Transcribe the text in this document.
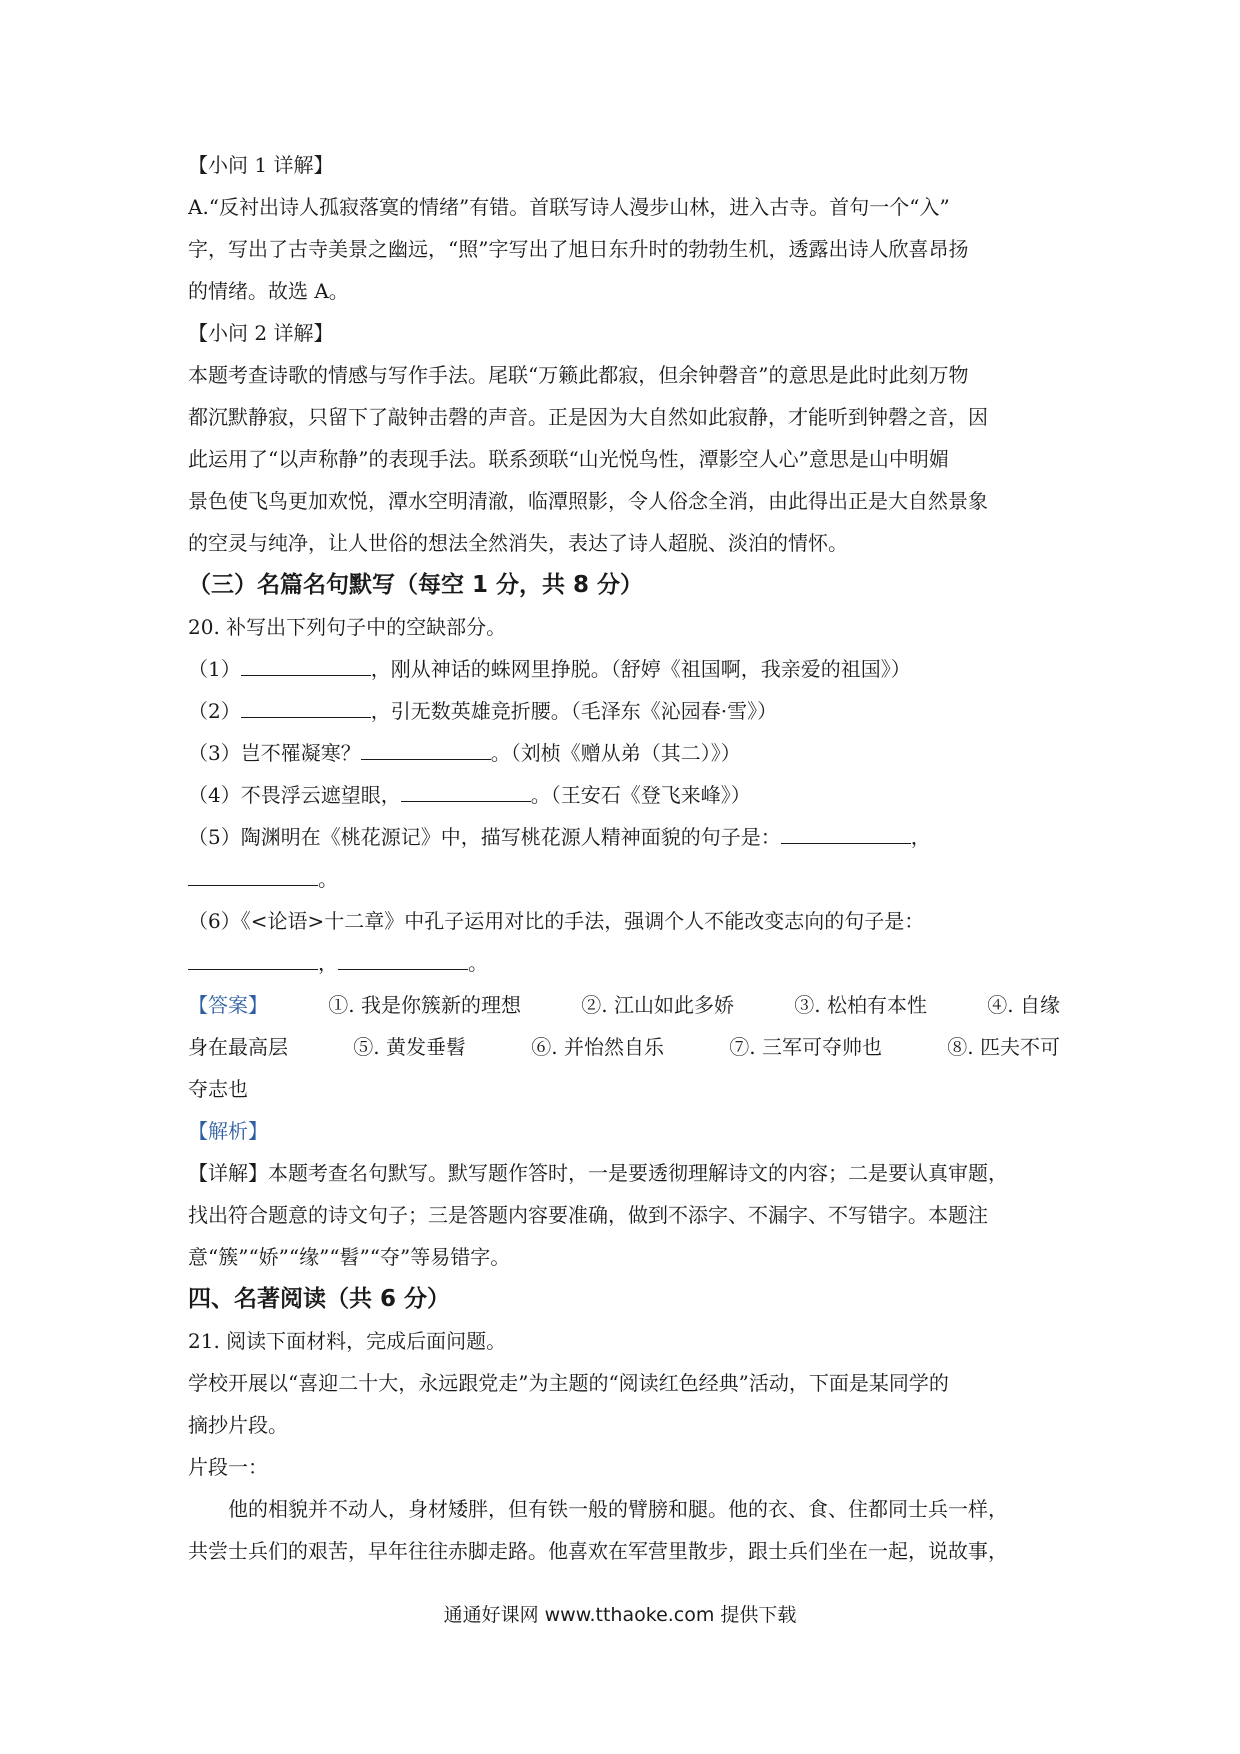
【小问 1 详解】
A.“反衬出诗人孤寂落寞的情绪”有错。首联写诗人漫步山林，进入古寺。首句一个“入”
字，写出了古寺美景之幽远，“照”字写出了旭日东升时的勃勃生机，透露出诗人欣喜昂扬
的情绪。故选 A。
【小问 2 详解】
本题考查诗歌的情感与写作手法。尾联“万籁此都寂，但余钟磬音”的意思是此时此刻万物
都沉默静寂，只留下了敲钟击磬的声音。正是因为大自然如此寂静，才能听到钟磬之音，因
此运用了“以声称静”的表现手法。联系颈联“山光悦鸟性，潭影空人心”意思是山中明媚
景色使飞鸟更加欢悦，潭水空明清澈，临潭照影，令人俗念全消，由此得出正是大自然景象
的空灵与纯净，让人世俗的想法全然消失，表达了诗人超脱、淡泊的情怀。
（三）名篇名句默写（每空 1 分，共 8 分）
20. 补写出下列句子中的空缺部分。
（1）	，刚从神话的蛛网里挣脱。（舒婷《祖国啊，我亲爱的祖国》）
（2）	，引无数英雄竞折腰。（毛泽东《沁园春·雪》）
（3）岂不罹凝寒？	。（刘桢《赠从弟（其二）》）
（4）不畏浮云遮望眼，	。（王安石《登飞来峰》）
（5）陶渊明在《桃花源记》中，描写桃花源人精神面貌的句子是：	，
。
（6）《<论语>十二章》中孔子运用对比的手法，强调个人不能改变志向的句子是：
，	。
【答案】	①. 我是你簇新的理想	②. 江山如此多娇	③. 松柏有本性	④. 自缘
身在最高层	⑤. 黄发垂髫	⑥. 并怡然自乐	⑦. 三军可夺帅也	⑧. 匹夫不可
夺志也
【解析】
【详解】本题考查名句默写。默写题作答时，一是要透彻理解诗文的内容；二是要认真审题，
找出符合题意的诗文句子；三是答题内容要准确，做到不添字、不漏字、不写错字。本题注
意“簇”“娇”“缘”“髫”“夺”等易错字。
四、名著阅读（共 6 分）
21. 阅读下面材料，完成后面问题。
学校开展以“喜迎二十大，永远跟党走”为主题的“阅读红色经典”活动，下面是某同学的
摘抄片段。
片段一：
他的相貌并不动人，身材矮胖，但有铁一般的臂膀和腿。他的衣、食、住都同士兵一样，
共尝士兵们的艰苦，早年往往赤脚走路。他喜欢在军营里散步，跟士兵们坐在一起，说故事，
通通好课网 www.tthaoke.com 提供下载
